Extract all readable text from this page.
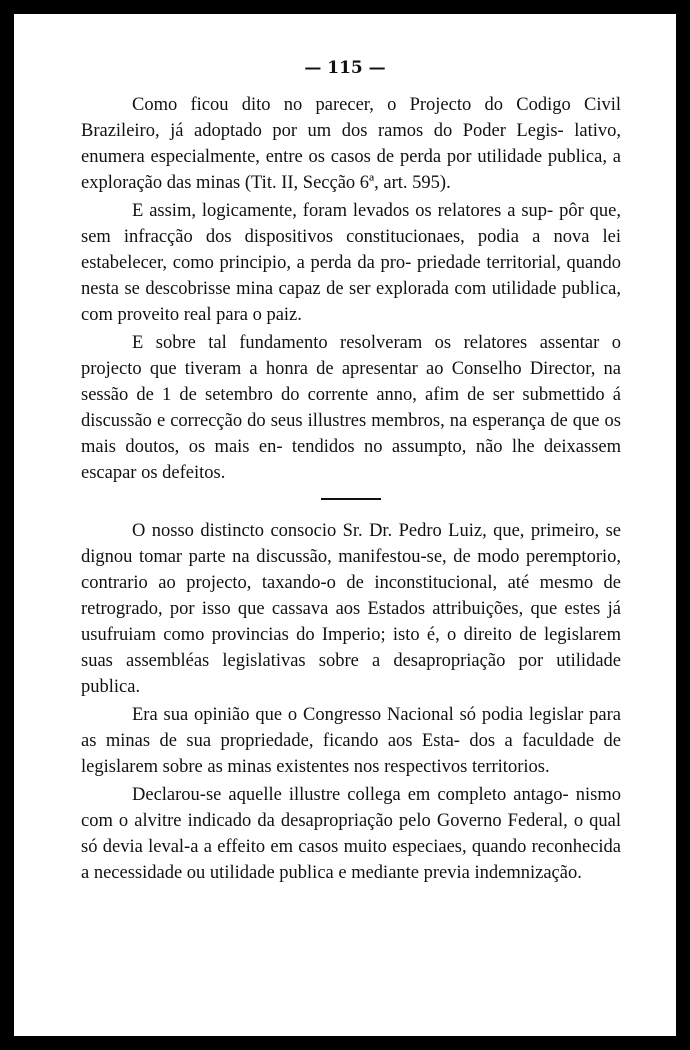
— 115 —

Como ficou dito no parecer, o Projecto do Codigo Civil Brazileiro, já adoptado por um dos ramos do Poder Legis- lativo, enumera especialmente, entre os casos de perda por utilidade publica, a exploração das minas (Tit. II, Secção 6ª, art. 595).

E assim, logicamente, foram levados os relatores a sup- pôr que, sem infracção dos dispositivos constitucionaes, podia a nova lei estabelecer, como principio, a perda da pro- priedade territorial, quando nesta se descobrisse mina capaz de ser explorada com utilidade publica, com proveito real para o paiz.

E sobre tal fundamento resolveram os relatores assentar o projecto que tiveram a honra de apresentar ao Conselho Director, na sessão de 1 de setembro do corrente anno, afim de ser submettido á discussão e correcção do seus illustres membros, na esperança de que os mais doutos, os mais en- tendidos no assumpto, não lhe deixassem escapar os defeitos.

O nosso distincto consocio Sr. Dr. Pedro Luiz, que, primeiro, se dignou tomar parte na discussão, manifestou-se, de modo peremptorio, contrario ao projecto, taxando-o de inconstitucional, até mesmo de retrogrado, por isso que cassava aos Estados attribuições, que estes já usufruiam como provincias do Imperio; isto é, o direito de legislarem suas assembléas legislativas sobre a desapropriação por utilidade publica.

Era sua opinião que o Congresso Nacional só podia legislar para as minas de sua propriedade, ficando aos Esta- dos a faculdade de legislarem sobre as minas existentes nos respectivos territorios.

Declarou-se aquelle illustre collega em completo antago- nismo com o alvitre indicado da desapropriação pelo Governo Federal, o qual só devia leval-a a effeito em casos muito especiaes, quando reconhecida a necessidade ou utilidade publica e mediante previa indemnização.
